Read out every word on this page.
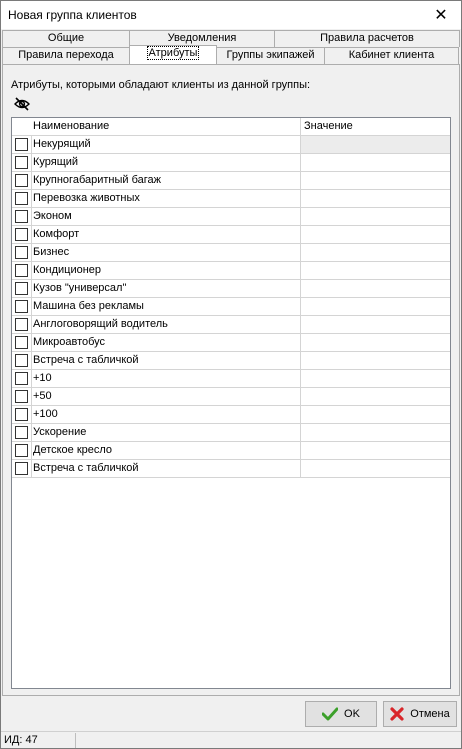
Новая группа клиентов	✕
Общие	Уведомления	Правила расчетов
Правила перехода	Атрибуты	Группы экипажей	Кабинет клиента
Атрибуты, которыми обладают клиенты из данной группы:
Наименование	Значение
Некурящий
Курящий
Крупногабаритный багаж
Перевозка животных
Эконом
Комфорт
Бизнес
Кондиционер
Кузов "универсал"
Машина без рекламы
Англоговорящий водитель
Микроавтобус
Встреча с табличкой
+10
+50
+100
Ускорение
Детское кресло
Встреча с табличкой
OK	Отмена
ИД: 47
